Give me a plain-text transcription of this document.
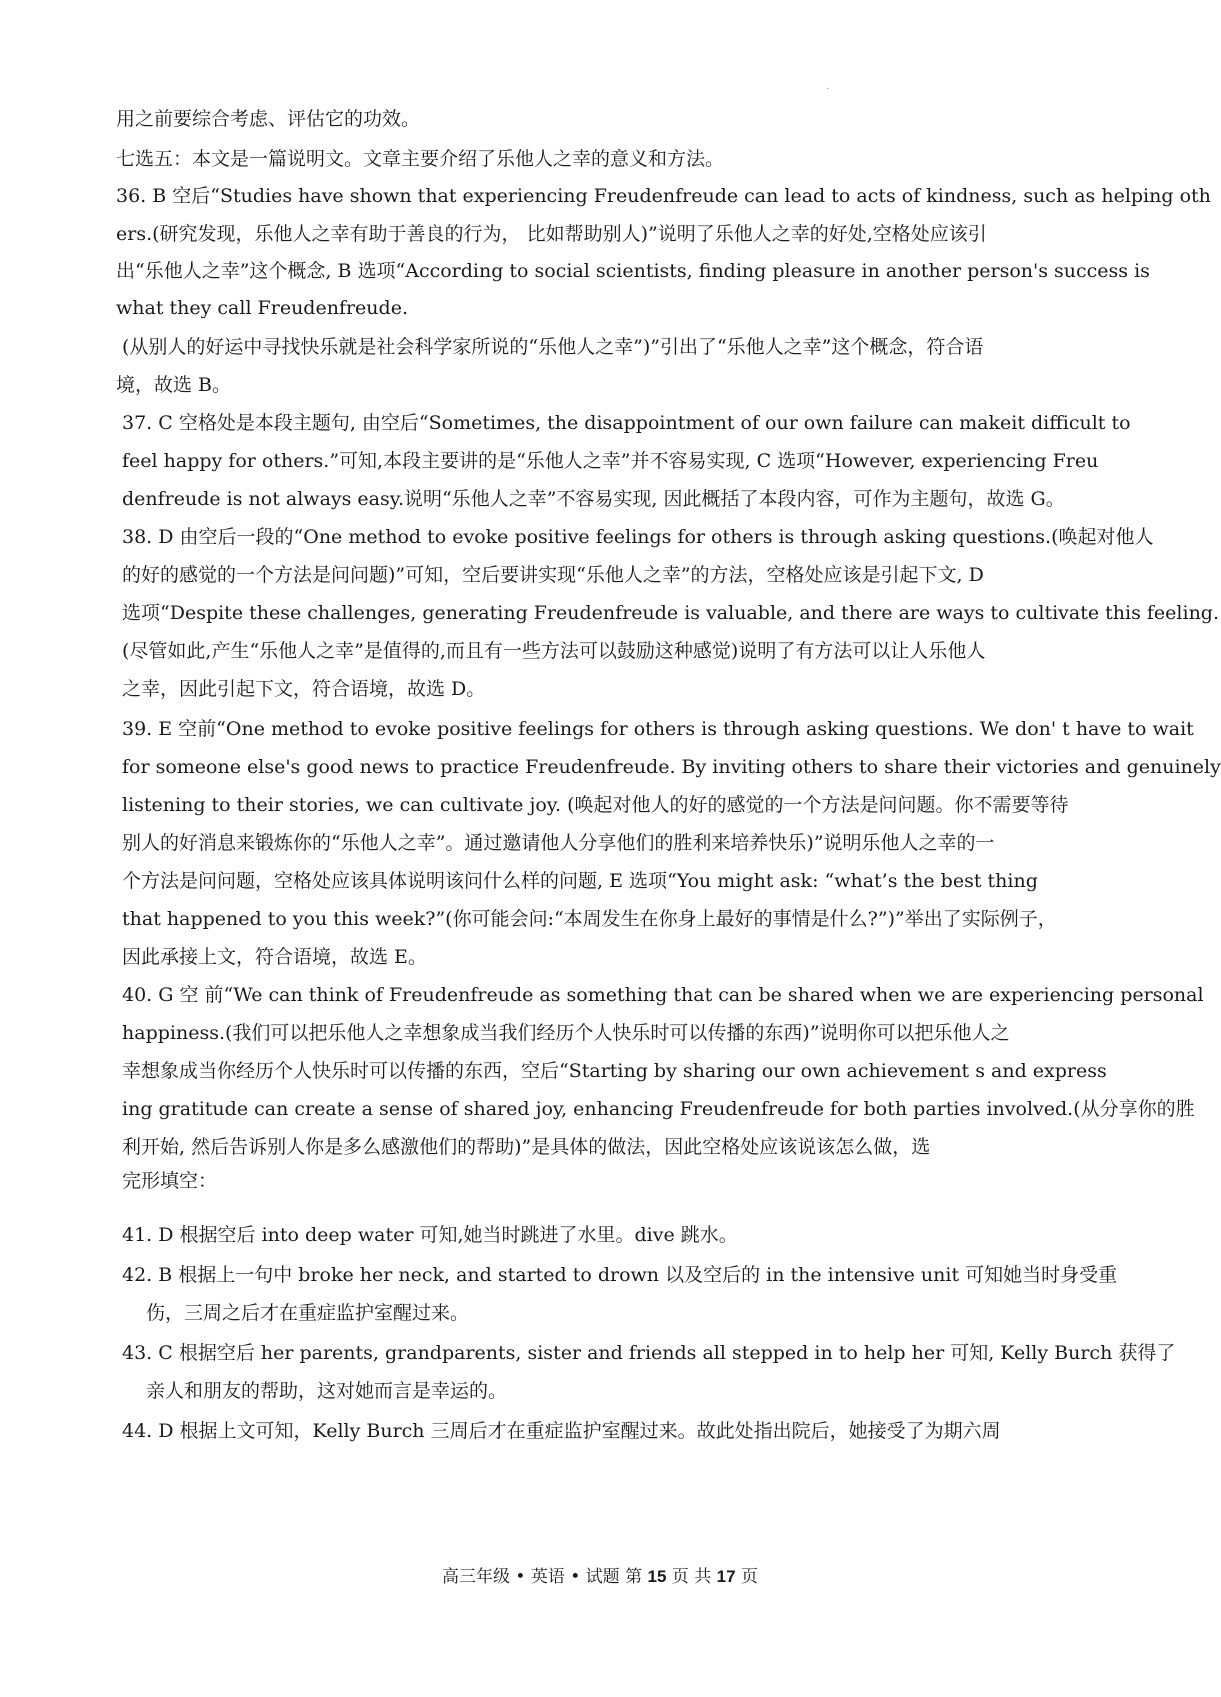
·
用之前要综合考虑、评估它的功效。
七选五：本文是一篇说明文。文章主要介绍了乐他人之幸的意义和方法。
36. B 空后“Studies have shown that experiencing Freudenfreude can lead to acts of kindness, such as helping oth
ers.(研究发现，乐他人之幸有助于善良的行为， 比如帮助别人)”说明了乐他人之幸的好处,空格处应该引
出“乐他人之幸”这个概念, B 选项“According to social scientists, finding pleasure in another person's success is
what they call Freudenfreude.
(从别人的好运中寻找快乐就是社会科学家所说的“乐他人之幸”)”引出了“乐他人之幸”这个概念，符合语
境，故选 B。
37. C 空格处是本段主题句, 由空后“Sometimes, the disappointment of our own failure can makeit difficult to
feel happy for others.”可知,本段主要讲的是“乐他人之幸”并不容易实现, C 选项“However, experiencing Freu
denfreude is not always easy.说明“乐他人之幸”不容易实现, 因此概括了本段内容，可作为主题句，故选 G。
38. D 由空后一段的“One method to evoke positive feelings for others is through asking questions.(唤起对他人
的好的感觉的一个方法是问问题)”可知，空后要讲实现“乐他人之幸”的方法，空格处应该是引起下文, D
选项“Despite these challenges, generating Freudenfreude is valuable, and there are ways to cultivate this feeling.
(尽管如此,产生“乐他人之幸”是值得的,而且有一些方法可以鼓励这种感觉)说明了有方法可以让人乐他人
之幸，因此引起下文，符合语境，故选 D。
39. E 空前“One method to evoke positive feelings for others is through asking questions. We don' t have to wait
for someone else's good news to practice Freudenfreude. By inviting others to share their victories and genuinely
listening to their stories, we can cultivate joy. (唤起对他人的好的感觉的一个方法是问问题。你不需要等待
别人的好消息来锻炼你的“乐他人之幸”。通过邀请他人分享他们的胜利来培养快乐)”说明乐他人之幸的一
个方法是问问题，空格处应该具体说明该问什么样的问题, E 选项“You might ask: “what’s the best thing
that happened to you this week?”(你可能会问:“本周发生在你身上最好的事情是什么?”)”举出了实际例子，
因此承接上文，符合语境，故选 E。
40. G 空 前“We can think of Freudenfreude as something that can be shared when we are experiencing personal
happiness.(我们可以把乐他人之幸想象成当我们经历个人快乐时可以传播的东西)”说明你可以把乐他人之
幸想象成当你经历个人快乐时可以传播的东西，空后“Starting by sharing our own achievement s and express
ing gratitude can create a sense of shared joy, enhancing Freudenfreude for both parties involved.(从分享你的胜
利开始, 然后告诉别人你是多么感激他们的帮助)”是具体的做法，因此空格处应该说该怎么做，选
完形填空：
41. D 根据空后 into deep water 可知,她当时跳进了水里。dive 跳水。
42. B 根据上一句中 broke her neck, and started to drown 以及空后的 in the intensive unit 可知她当时身受重
伤，三周之后才在重症监护室醒过来。
43. C 根据空后 her parents, grandparents, sister and friends all stepped in to help her 可知, Kelly Burch 获得了
亲人和朋友的帮助，这对她而言是幸运的。
44. D 根据上文可知，Kelly Burch 三周后才在重症监护室醒过来。故此处指出院后，她接受了为期六周
高三年级 • 英语 • 试题 第 15 页 共 17 页
